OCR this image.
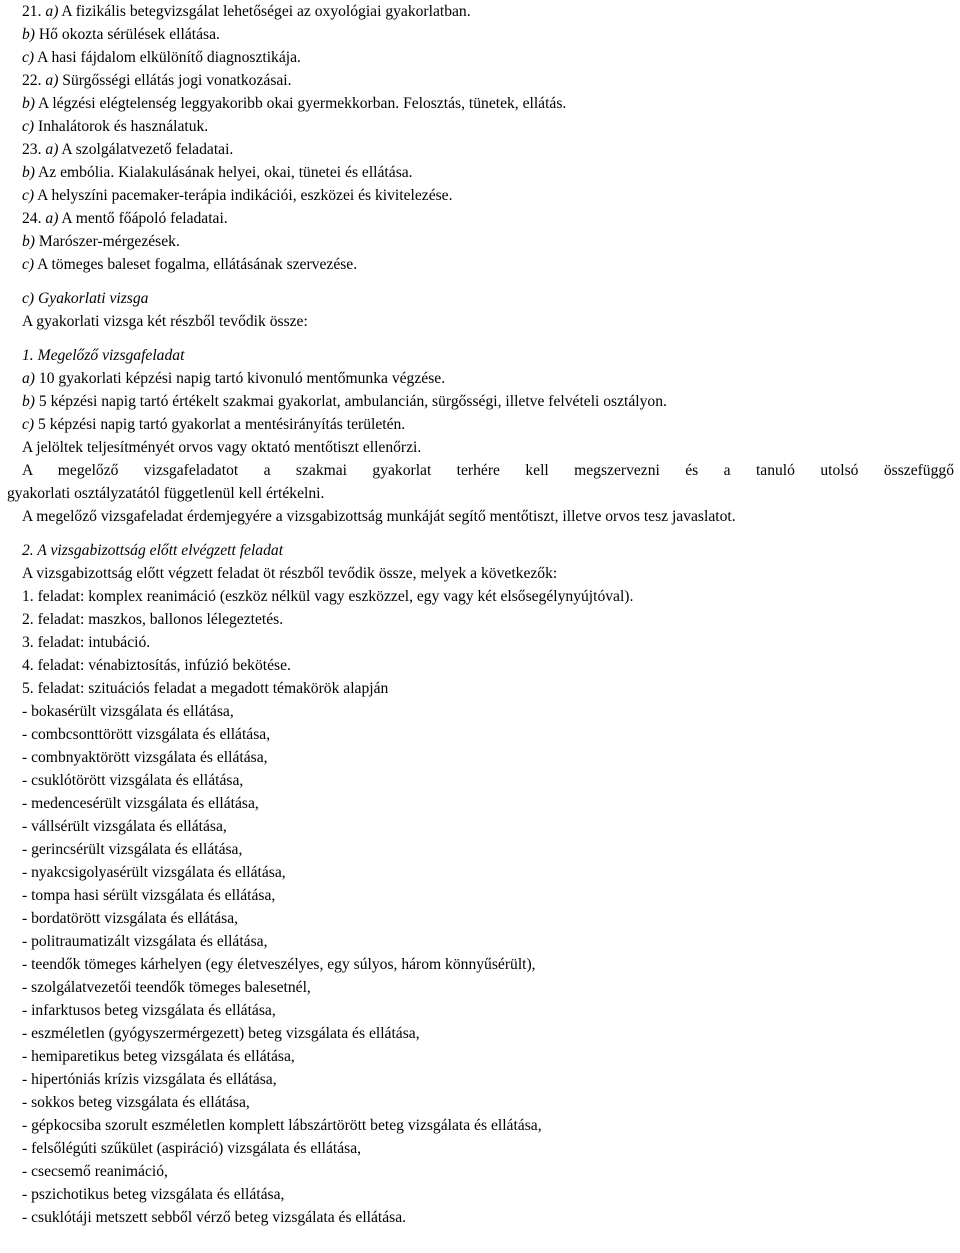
21. a) A fizikális betegvizsgálat lehetőségei az oxyológiai gyakorlatban.
b) Hő okozta sérülések ellátása.
c) A hasi fájdalom elkülönítő diagnosztikája.
22. a) Sürgősségi ellátás jogi vonatkozásai.
b) A légzési elégtelenség leggyakoribb okai gyermekkorban. Felosztás, tünetek, ellátás.
c) Inhalátorok és használatuk.
23. a) A szolgálatvezető feladatai.
b) Az embólia. Kialakulásának helyei, okai, tünetei és ellátása.
c) A helyszíni pacemaker-terápia indikációi, eszközei és kivitelezése.
24. a) A mentő főápoló feladatai.
b) Marószer-mérgezések.
c) A tömeges baleset fogalma, ellátásának szervezése.
c) Gyakorlati vizsga
A gyakorlati vizsga két részből tevődik össze:
1. Megelőző vizsgafeladat
a) 10 gyakorlati képzési napig tartó kivonuló mentőmunka végzése.
b) 5 képzési napig tartó értékelt szakmai gyakorlat, ambulancián, sürgősségi, illetve felvételi osztályon.
c) 5 képzési napig tartó gyakorlat a mentésirányítás területén.
A jelöltek teljesítményét orvos vagy oktató mentőtiszt ellenőrzi.
A megelőző vizsgafeladatot a szakmai gyakorlat terhére kell megszervezni és a tanuló utolsó összefüggő
gyakorlati osztályzatától függetlenül kell értékelni.
A megelőző vizsgafeladat érdemjegyére a vizsgabizottság munkáját segítő mentőtiszt, illetve orvos tesz javaslatot.
2. A vizsgabizottság előtt elvégzett feladat
A vizsgabizottság előtt végzett feladat öt részből tevődik össze, melyek a következők:
1. feladat: komplex reanimáció (eszköz nélkül vagy eszközzel, egy vagy két elsősegélynyújtóval).
2. feladat: maszkos, ballonos lélegeztetés.
3. feladat: intubáció.
4. feladat: vénabiztosítás, infúzió bekötése.
5. feladat: szituációs feladat a megadott témakörök alapján
- bokasérült vizsgálata és ellátása,
- combcsonttörött vizsgálata és ellátása,
- combnyaktörött vizsgálata és ellátása,
- csuklótörött vizsgálata és ellátása,
- medencesérült vizsgálata és ellátása,
- vállsérült vizsgálata és ellátása,
- gerincsérült vizsgálata és ellátása,
- nyakcsigolyasérült vizsgálata és ellátása,
- tompa hasi sérült vizsgálata és ellátása,
- bordatörött vizsgálata és ellátása,
- politraumatizált vizsgálata és ellátása,
- teendők tömeges kárhelyen (egy életveszélyes, egy súlyos, három könnyűsérült),
- szolgálatvezetői teendők tömeges balesetnél,
- infarktusos beteg vizsgálata és ellátása,
- eszméletlen (gyógyszermérgezett) beteg vizsgálata és ellátása,
- hemiparetikus beteg vizsgálata és ellátása,
- hipertóniás krízis vizsgálata és ellátása,
- sokkos beteg vizsgálata és ellátása,
- gépkocsiba szorult eszméletlen komplett lábszártörött beteg vizsgálata és ellátása,
- felsőlégúti szűkület (aspiráció) vizsgálata és ellátása,
- csecsemő reanimáció,
- pszichotikus beteg vizsgálata és ellátása,
- csuklótáji metszett sebből vérző beteg vizsgálata és ellátása.
